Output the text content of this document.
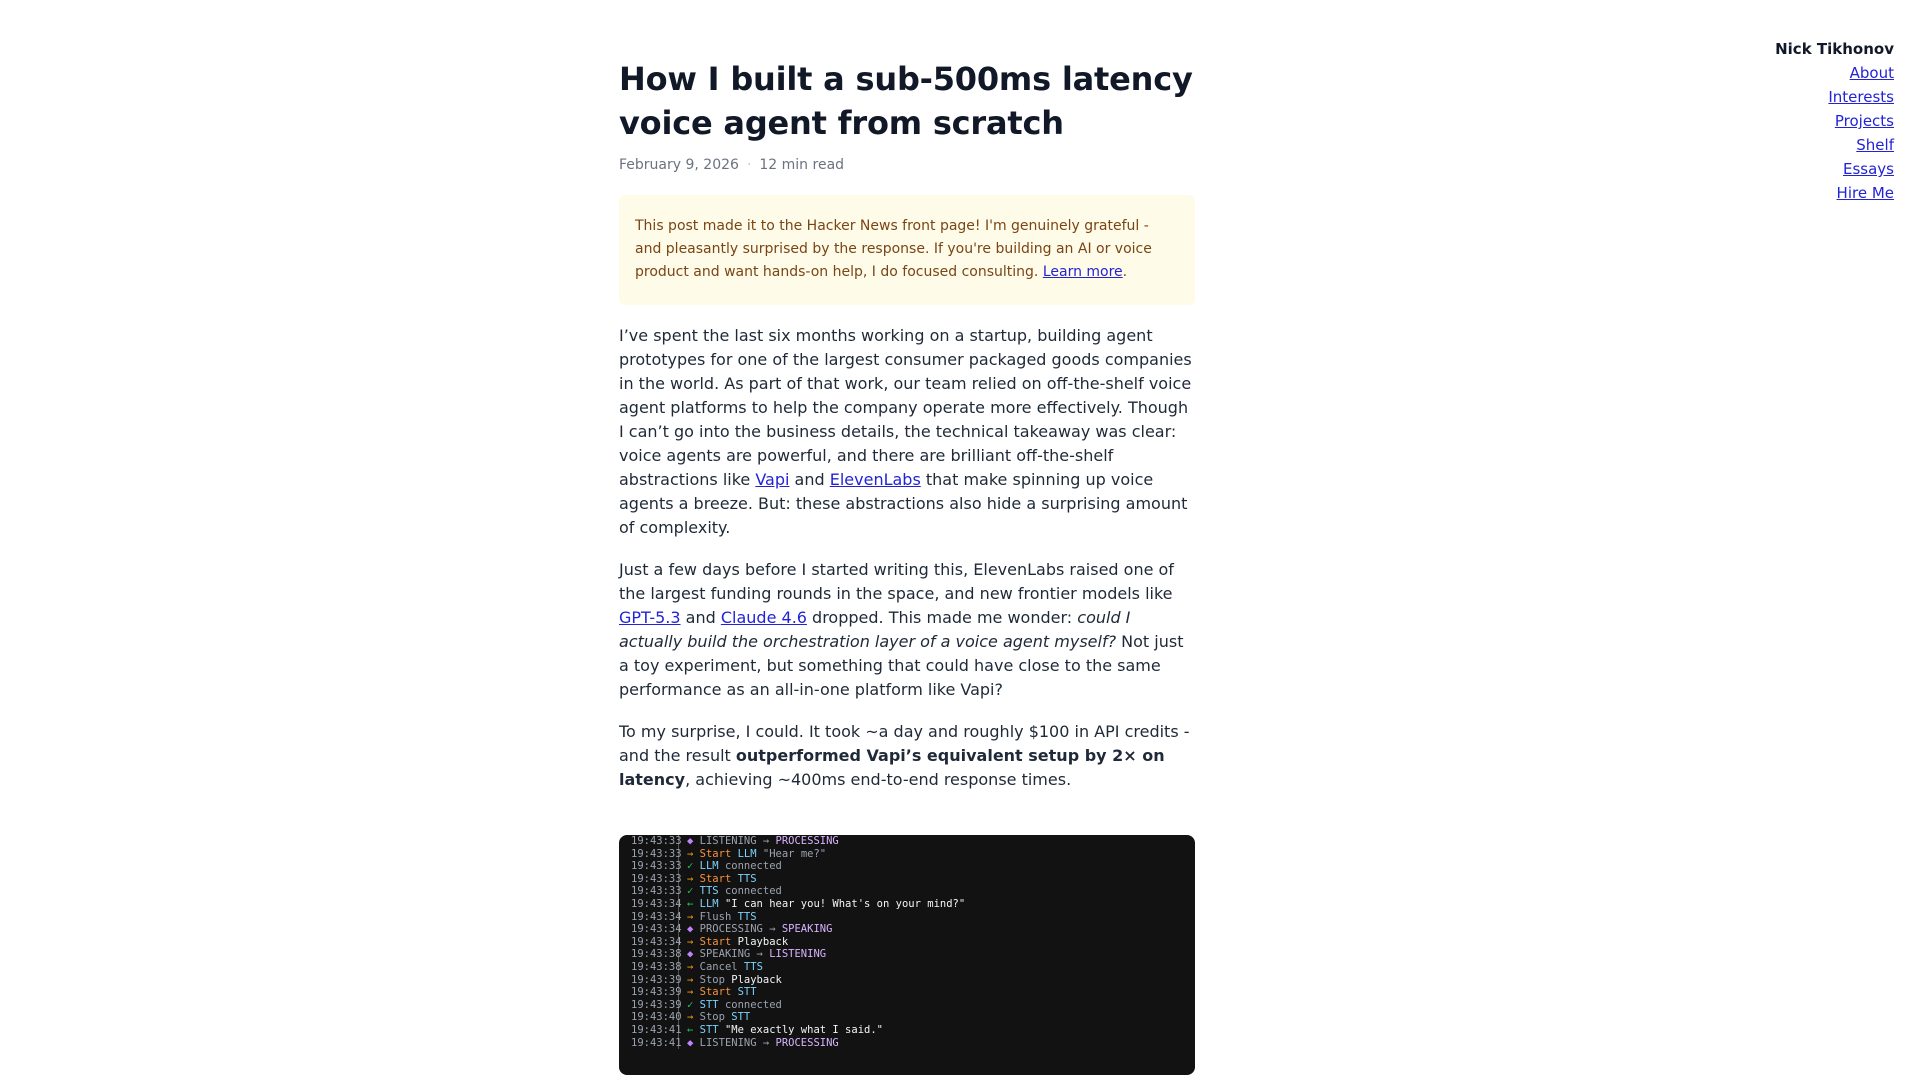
Nick Tikhonov
About
Interests
Projects
Shelf
Essays
Hire Me
How I built a sub-500ms latency voice agent from scratch
February 9, 2026 · 12 min read
This post made it to the Hacker News front page! I'm genuinely grateful - and pleasantly surprised by the response. If you're building an AI or voice product and want hands-on help, I do focused consulting. Learn more.

I’ve spent the last six months working on a startup, building agent prototypes for one of the largest consumer packaged goods companies in the world. As part of that work, our team relied on off-the-shelf voice agent platforms to help the company operate more effectively. Though I can’t go into the business details, the technical takeaway was clear: voice agents are powerful, and there are brilliant off-the-shelf abstractions like Vapi and ElevenLabs that make spinning up voice agents a breeze. But: these abstractions also hide a surprising amount of complexity.

Just a few days before I started writing this, ElevenLabs raised one of the largest funding rounds in the space, and new frontier models like GPT-5.3 and Claude 4.6 dropped. This made me wonder: could I actually build the orchestration layer of a voice agent myself? Not just a toy experiment, but something that could have close to the same performance as an all-in-one platform like Vapi?

To my surprise, I could. It took ~a day and roughly $100 in API credits - and the result outperformed Vapi’s equivalent setup by 2× on latency, achieving ~400ms end-to-end response times.

19:43:33 ◆ LISTENING → PROCESSING
19:43:33 → Start LLM "Hear me?"
19:43:33 ✓ LLM connected
19:43:33 → Start TTS
19:43:33 ✓ TTS connected
19:43:34 ← LLM "I can hear you! What's on your mind?"
19:43:34 → Flush TTS
19:43:34 ◆ PROCESSING → SPEAKING
19:43:34 → Start Playback
19:43:38 ◆ SPEAKING → LISTENING
19:43:38 → Cancel TTS
19:43:39 → Stop Playback
19:43:39 → Start STT
19:43:39 ✓ STT connected
19:43:40 → Stop STT
19:43:41 ← STT "Me exactly what I said."
19:43:41 ◆ LISTENING → PROCESSING
